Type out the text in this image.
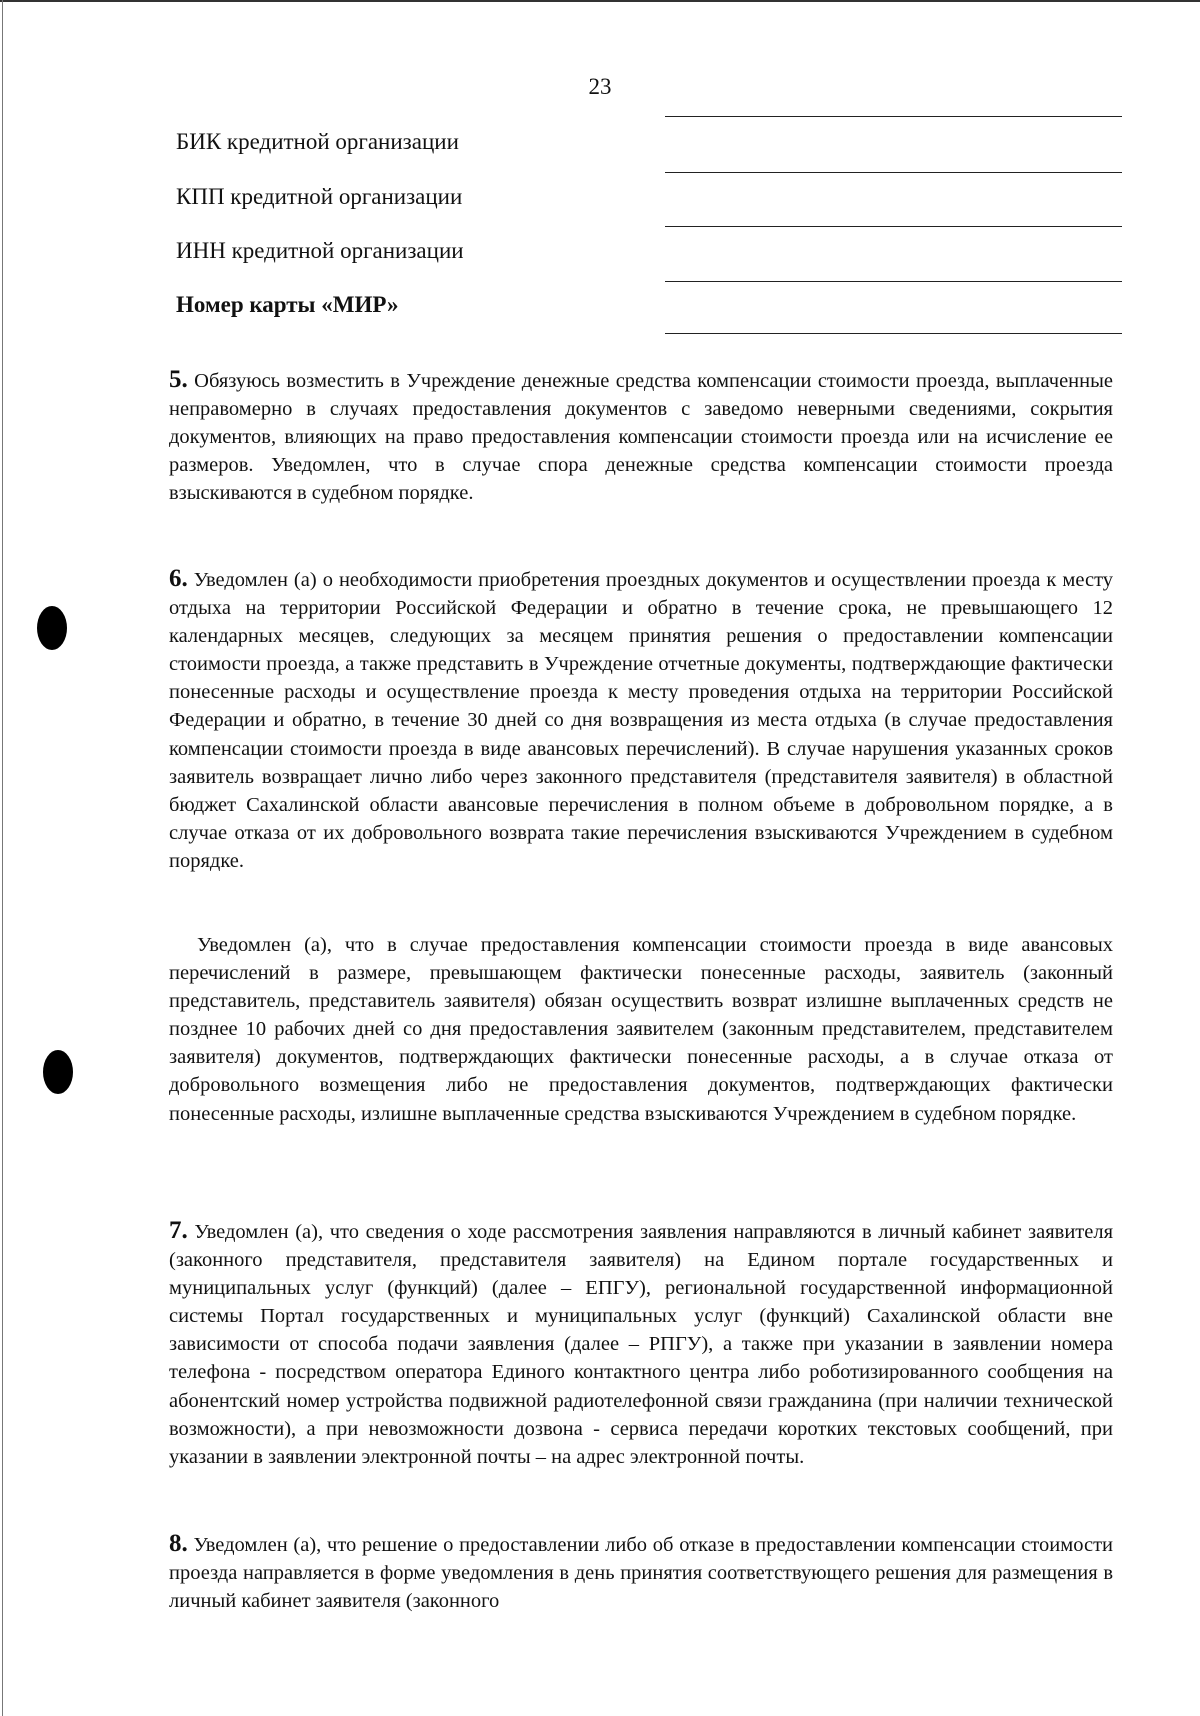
23
БИК кредитной организации
КПП кредитной организации
ИНН кредитной организации
Номер карты «МИР»

5. Обязуюсь возместить в Учреждение денежные средства компенсации стоимости проезда, выплаченные неправомерно в случаях предоставления документов с заведомо неверными сведениями, сокрытия документов, влияющих на право предоставления компенсации стоимости проезда или на исчисление ее размеров. Уведомлен, что в случае спора денежные средства компенсации стоимости проезда взыскиваются в судебном порядке.

6. Уведомлен (а) о необходимости приобретения проездных документов и осуществлении проезда к месту отдыха на территории Российской Федерации и обратно в течение срока, не превышающего 12 календарных месяцев, следующих за месяцем принятия решения о предоставлении компенсации стоимости проезда, а также представить в Учреждение отчетные документы, подтверждающие фактически понесенные расходы и осуществление проезда к месту проведения отдыха на территории Российской Федерации и обратно, в течение 30 дней со дня возвращения из места отдыха (в случае предоставления компенсации стоимости проезда в виде авансовых перечислений). В случае нарушения указанных сроков заявитель возвращает лично либо через законного представителя (представителя заявителя) в областной бюджет Сахалинской области авансовые перечисления в полном объеме в добровольном порядке, а в случае отказа от их добровольного возврата такие перечисления взыскиваются Учреждением в судебном порядке.

Уведомлен (а), что в случае предоставления компенсации стоимости проезда в виде авансовых перечислений в размере, превышающем фактически понесенные расходы, заявитель (законный представитель, представитель заявителя) обязан осуществить возврат излишне выплаченных средств не позднее 10 рабочих дней со дня предоставления заявителем (законным представителем, представителем заявителя) документов, подтверждающих фактически понесенные расходы, а в случае отказа от добровольного возмещения либо не предоставления документов, подтверждающих фактически понесенные расходы, излишне выплаченные средства взыскиваются Учреждением в судебном порядке.

7. Уведомлен (а), что сведения о ходе рассмотрения заявления направляются в личный кабинет заявителя (законного представителя, представителя заявителя) на Едином портале государственных и муниципальных услуг (функций) (далее – ЕПГУ), региональной государственной информационной системы Портал государственных и муниципальных услуг (функций) Сахалинской области вне зависимости от способа подачи заявления (далее – РПГУ), а также при указании в заявлении номера телефона - посредством оператора Единого контактного центра либо роботизированного сообщения на абонентский номер устройства подвижной радиотелефонной связи гражданина (при наличии технической возможности), а при невозможности дозвона - сервиса передачи коротких текстовых сообщений, при указании в заявлении электронной почты – на адрес электронной почты.

8. Уведомлен (а), что решение о предоставлении либо об отказе в предоставлении компенсации стоимости проезда направляется в форме уведомления в день принятия соответствующего решения для размещения в личный кабинет заявителя (законного
